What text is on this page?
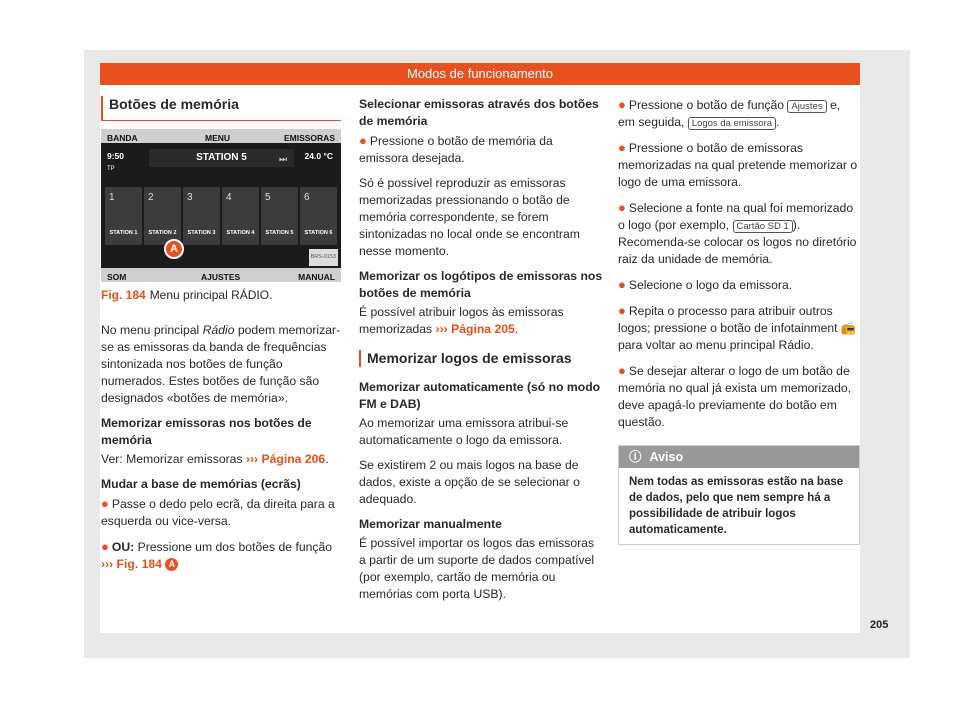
Modos de funcionamento
Botões de memória
BANDA	MENU	EMISSORAS
9:50
TP
24.0 °C
STATION 5	⏭
1
STATION 1
2
STATION 2
3
STATION 3
4
STATION 4
5
STATION 5
6
STATION 6
A
BRS-0153
SOM	AJUSTES	MANUAL
Fig. 184 Menu principal RÁDIO.

No menu principal Rádio podem memorizar-se as emissoras da banda de frequências sintonizada nos botões de função numerados. Estes botões de função são designados «botões de memória».

Memorizar emissoras nos botões de memória

Ver: Memorizar emissoras ››› Página 206.

Mudar a base de memórias (ecrãs)

● Passe o dedo pelo ecrã, da direita para a esquerda ou vice-versa.

● OU: Pressione um dos botões de função ››› Fig. 184 A

Selecionar emissoras através dos botões de memória

● Pressione o botão de memória da emissora desejada.

Só é possível reproduzir as emissoras memorizadas pressionando o botão de memória correspondente, se forem sintonizadas no local onde se encontram nesse momento.

Memorizar os logótipos de emissoras nos botões de memória

É possível atribuir logos às emissoras memorizadas ››› Página 205.

Memorizar logos de emissoras
Memorizar automaticamente (só no modo FM e DAB)

Ao memorizar uma emissora atribui-se automaticamente o logo da emissora.

Se existirem 2 ou mais logos na base de dados, existe a opção de se selecionar o adequado.

Memorizar manualmente

É possível importar os logos das emissoras a partir de um suporte de dados compatível (por exemplo, cartão de memória ou memórias com porta USB).

● Pressione o botão de função Ajustes e, em seguida, Logos da emissora .

● Pressione o botão de emissoras memorizadas na qual pretende memorizar o logo de uma emissora.

● Selecione a fonte na qual foi memorizado o logo (por exemplo, Cartão SD 1 ). Recomenda-se colocar os logos no diretório raiz da unidade de memória.

● Selecione o logo da emissora.

● Repita o processo para atribuir outros logos; pressione o botão de infotainment 📻 para voltar ao menu principal Rádio.

● Se desejar alterar o logo de um botão de memória no qual já exista um memorizado, deve apagá-lo previamente do botão em questão.

ⓘ Aviso
Nem todas as emissoras estão na base de dados, pelo que nem sempre há a possibilidade de atribuir logos automaticamente.
205
